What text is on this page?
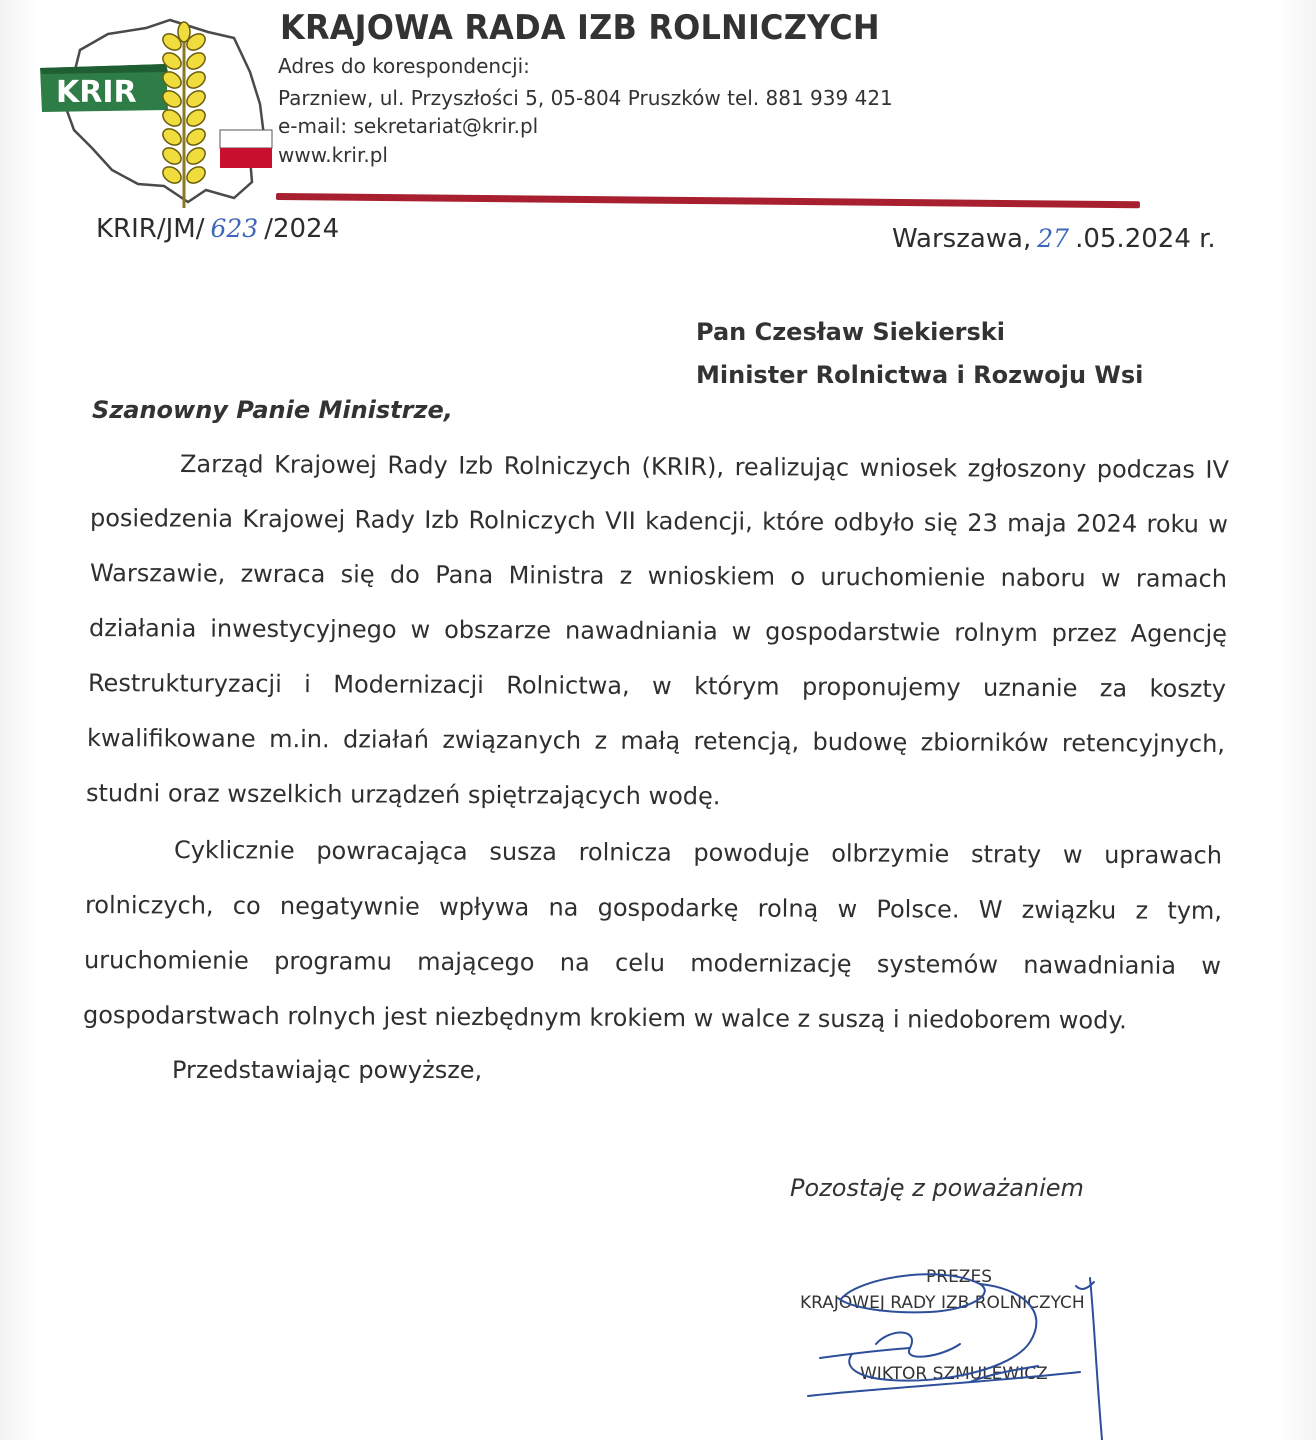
KRIR
KRAJOWA RADA IZB ROLNICZYCH
Adres do korespondencji:
Parzniew, ul. Przyszłości 5, 05-804 Pruszków tel. 881 939 421
e-mail: sekretariat@krir.pl
www.krir.pl
KRIR/JM/ 623 /2024	Warszawa, 27 .05.2024 r.
Pan Czesław Siekierski
Minister Rolnictwa i Rozwoju Wsi
Szanowny Panie Ministrze,
Zarząd Krajowej Rady Izb Rolniczych (KRIR), realizując wniosek zgłoszony podczas IV
posiedzenia Krajowej Rady Izb Rolniczych VII kadencji, które odbyło się 23 maja 2024 roku w
Warszawie, zwraca się do Pana Ministra z wnioskiem o uruchomienie naboru w ramach
działania inwestycyjnego w obszarze nawadniania w gospodarstwie rolnym przez Agencję
Restrukturyzacji i Modernizacji Rolnictwa, w którym proponujemy uznanie za koszty
kwalifikowane m.in. działań związanych z małą retencją, budowę zbiorników retencyjnych,
studni oraz wszelkich urządzeń spiętrzających wodę.
Cyklicznie powracająca susza rolnicza powoduje olbrzymie straty w uprawach
rolniczych, co negatywnie wpływa na gospodarkę rolną w Polsce. W związku z tym,
uruchomienie programu mającego na celu modernizację systemów nawadniania w
gospodarstwach rolnych jest niezbędnym krokiem w walce z suszą i niedoborem wody.
Przedstawiając powyższe,
Pozostaję z poważaniem
PREZES
KRAJOWEJ RADY IZB ROLNICZYCH
WIKTOR SZMULEWICZ
